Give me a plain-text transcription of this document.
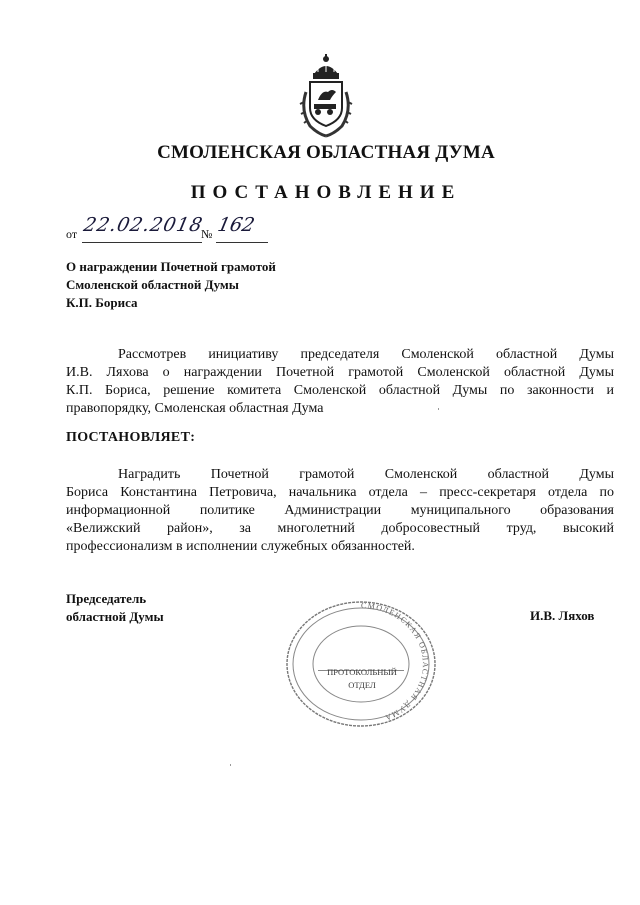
СМОЛЕНСКАЯ ОБЛАСТНАЯ ДУМА
ПОСТАНОВЛЕНИЕ
от 22.02.2018
№ 162
О награждении Почетной грамотой
Смоленской областной Думы
К.П. Бориса
Рассмотрев инициативу председателя Смоленской областной Думы
И.В. Ляхова о награждении Почетной грамотой Смоленской областной Думы
К.П. Бориса, решение комитета Смоленской областной Думы по законности и
правопорядку, Смоленская областная Дума
ПОСТАНОВЛЯЕТ:
Наградить Почетной грамотой Смоленской областной Думы
Бориса Константина Петровича, начальника отдела – пресс-секретаря отдела по
информационной политике Администрации муниципального образования
«Велижский район», за многолетний добросовестный труд, высокий
профессионализм в исполнении служебных обязанностей.
Председатель
областной Думы	И.В. Ляхов
СМОЛЕНСКАЯ ОБЛАСТНАЯ ДУМА
ПРОТОКОЛЬНЫЙ
ОТДЕЛ
